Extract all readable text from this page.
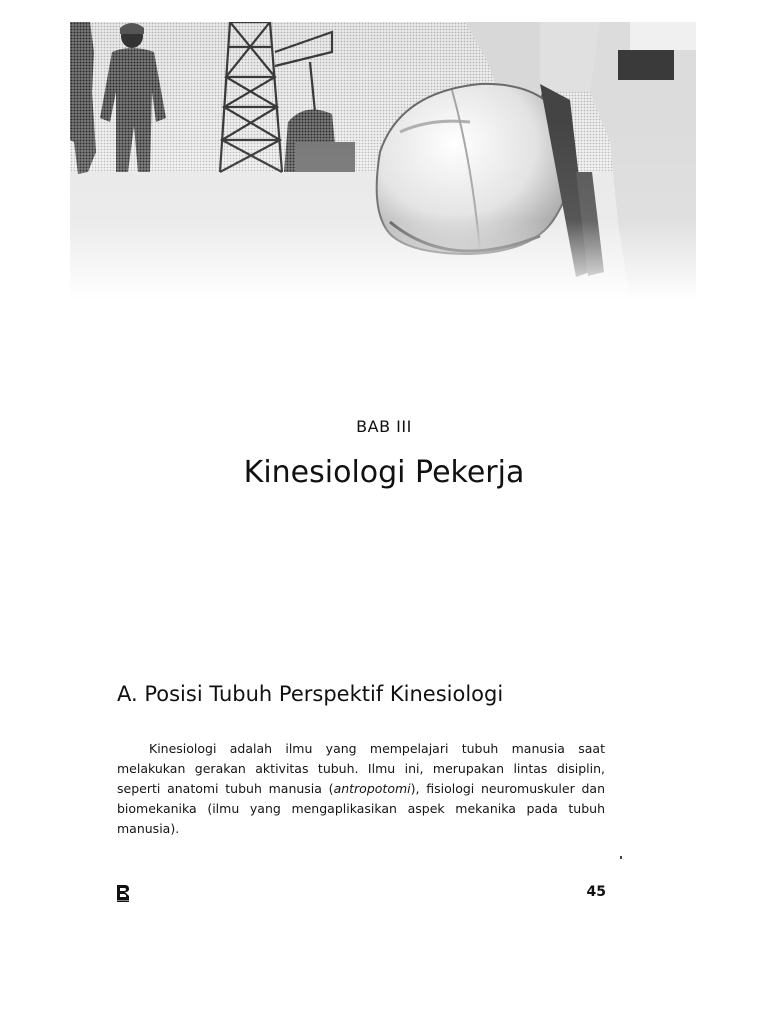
BAB III
Kinesiologi Pekerja
A. Posisi Tubuh Perspektif Kinesiologi

Kinesiologi adalah ilmu yang mempelajari tubuh manusia saat melakukan gerakan aktivitas tubuh. Ilmu ini, merupakan lintas disiplin, seperti anatomi tubuh manusia (antropotomi), fisiologi neuromuskuler dan biomekanika (ilmu yang mengaplikasikan aspek mekanika pada tubuh manusia).

45
